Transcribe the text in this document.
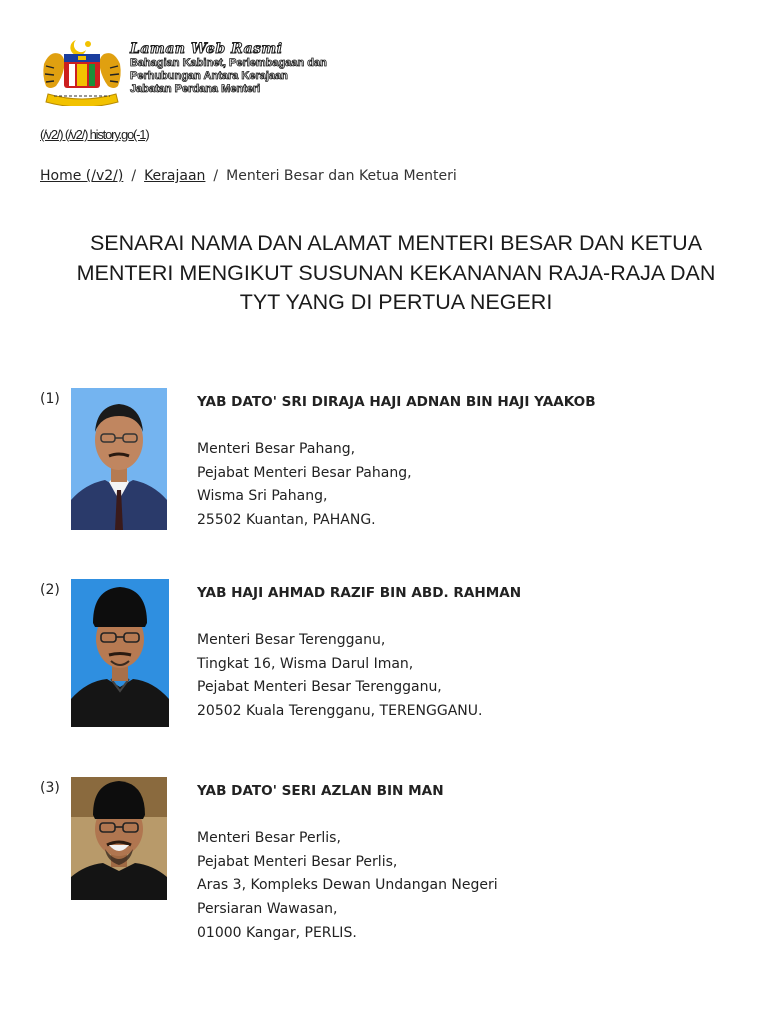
Laman Web Rasmi
Bahagian Kabinet, Perlembagaan dan
Perhubungan Antara Kerajaan
Jabatan Perdana Menteri
(/v2/) (/v2/) history.go(-1)
Home (/v2/) / Kerajaan / Menteri Besar dan Ketua Menteri
SENARAI NAMA DAN ALAMAT MENTERI BESAR DAN KETUA MENTERI MENGIKUT SUSUNAN KEKANANAN RAJA-RAJA DAN TYT YANG DI PERTUA NEGERI
(1)	YAB DATO' SRI DIRAJA HAJI ADNAN BIN HAJI YAAKOB
Menteri Besar Pahang,
Pejabat Menteri Besar Pahang,
Wisma Sri Pahang,
25502 Kuantan, PAHANG.
(2)	YAB HAJI AHMAD RAZIF BIN ABD. RAHMAN
Menteri Besar Terengganu,
Tingkat 16, Wisma Darul Iman,
Pejabat Menteri Besar Terengganu,
20502 Kuala Terengganu, TERENGGANU.
(3)	YAB DATO' SERI AZLAN BIN MAN
Menteri Besar Perlis,
Pejabat Menteri Besar Perlis,
Aras 3, Kompleks Dewan Undangan Negeri
Persiaran Wawasan,
01000 Kangar, PERLIS.
